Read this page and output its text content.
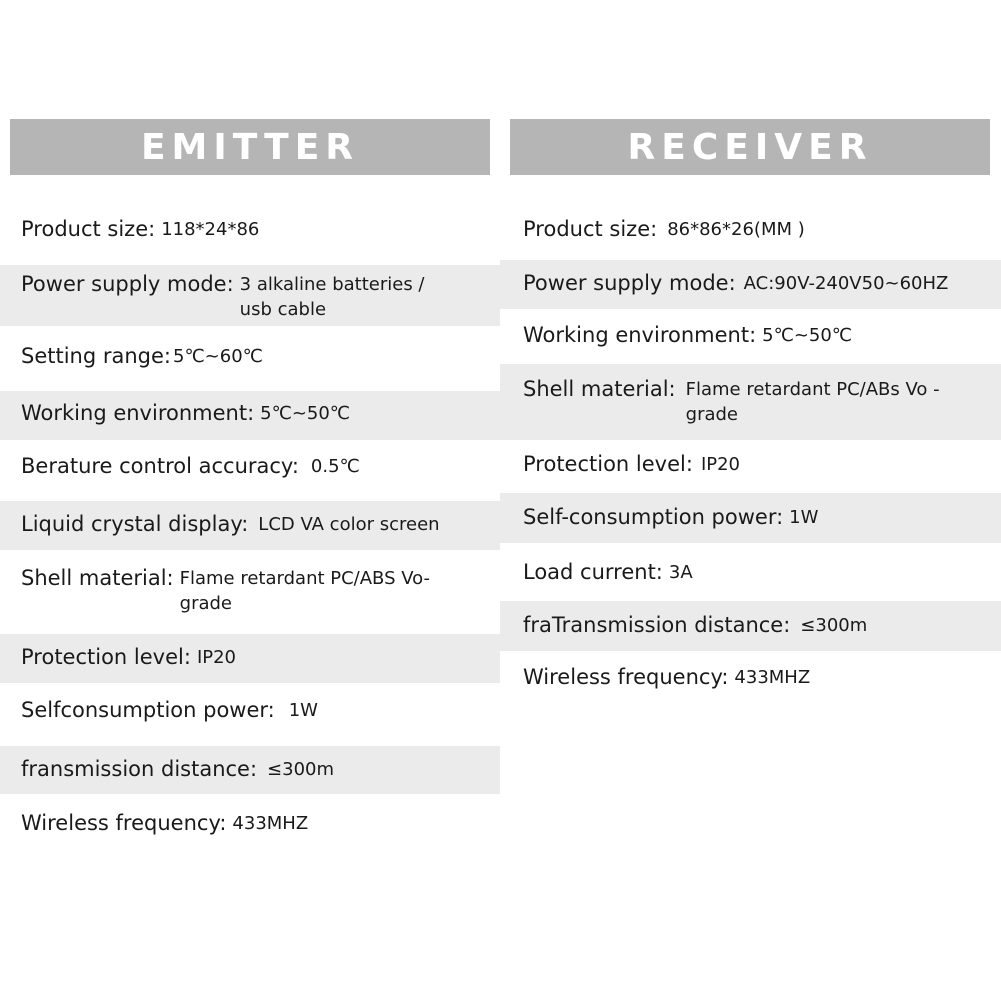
EMITTER	RECEIVER
Product size: 118*24*86
Power supply mode: 3 alkaline batteries / usb cable
Setting range: 5℃~60℃
Working environment: 5℃~50℃
Berature control accuracy: 0.5℃
Liquid crystal display: LCD VA color screen
Shell material: Flame retardant PC/ABS Vo-grade
Protection level: IP20
Selfconsumption power: 1W
fransmission distance: ≤300m
Wireless frequency: 433MHZ
Product size: 86*86*26(MM )
Power supply mode: AC:90V-240V50~60HZ
Working environment: 5℃~50℃
Shell material: Flame retardant PC/ABs Vo -grade
Protection level: IP20
Self-consumption power: 1W
Load current: 3A
fraTransmission distance: ≤300m
Wireless frequency: 433MHZ
